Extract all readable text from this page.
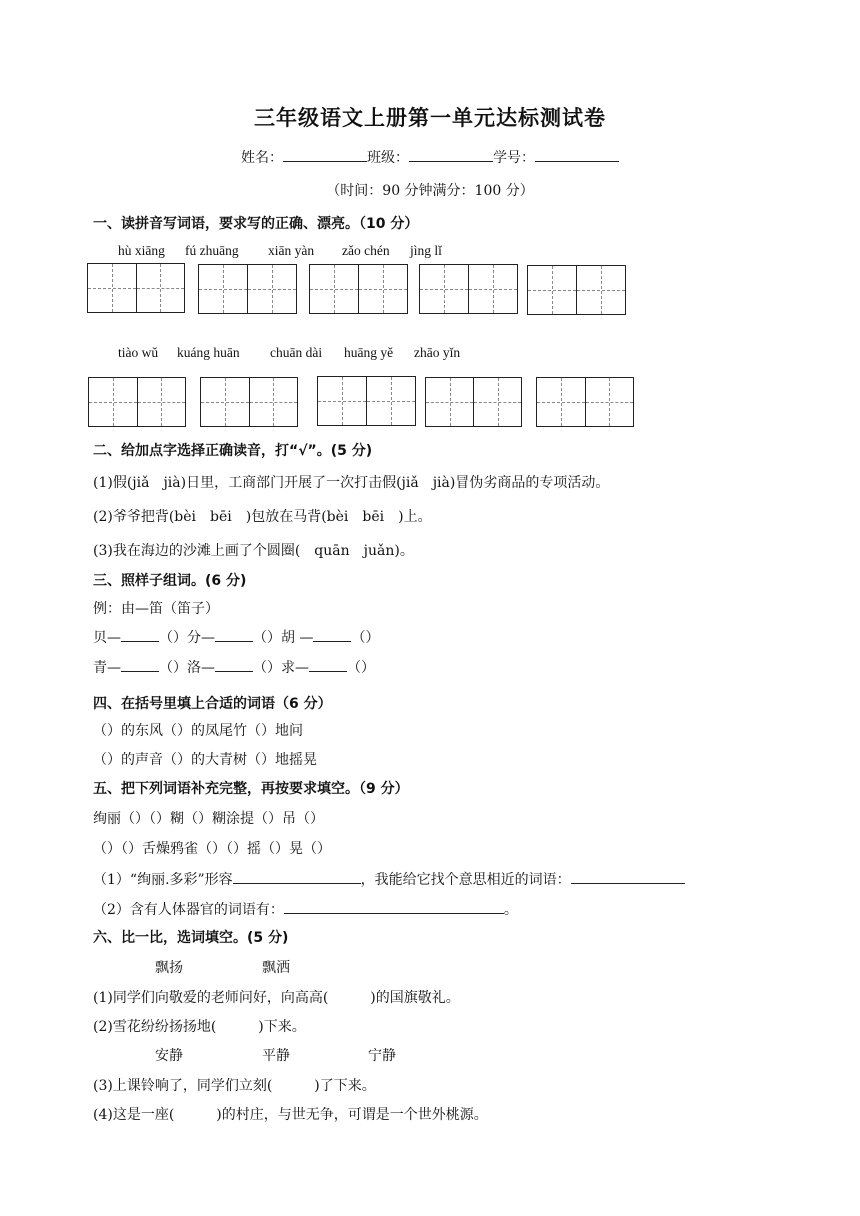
三年级语文上册第一单元达标测试卷
姓名：	班级：	学号：
（时间：90 分钟满分：100 分）
一、读拼音写词语，要求写的正确、漂亮。（10 分）
hù xiāng fú zhuāng xiān yàn zǎo chén jìng lǐ
tiào wǔ kuáng huān chuān dài huāng yě zhāo yǐn
二、给加点字选择正确读音，打“√”。(5 分)
(1)假(jiǎ　jià)日里，工商部门开展了一次打击假(jiǎ　jià)冒伪劣商品的专项活动。
(2)爷爷把背(bèi　bēi　)包放在马背(bèi　bēi　)上。
(3)我在海边的沙滩上画了个圆圈(　quān　juǎn)。
三、照样子组词。(6 分)
例：由—笛（笛子）
贝—	（）分—	（）胡 —	（）
青—	（）洛—	（）求—	（）
四、在括号里填上合适的词语（6 分）
（）的东风（）的凤尾竹（）地问
（）的声音（）的大青树（）地摇晃
五、把下列词语补充完整，再按要求填空。（9 分）
绚丽（）（）糊（）糊涂提（）吊（）
（）（）舌燥鸦雀（）（）摇（）晃（）
（1）“绚丽.多彩”形容	，我能给它找个意思相近的词语：
（2）含有人体器官的词语有：	。
六、比一比，选词填空。(5 分)
飘扬	飘洒
(1)同学们向敬爱的老师问好，向高高(　　　)的国旗敬礼。
(2)雪花纷纷扬扬地(　　　)下来。
安静	平静	宁静
(3)上课铃响了，同学们立刻(　　　)了下来。
(4)这是一座(　　　)的村庄，与世无争，可谓是一个世外桃源。
